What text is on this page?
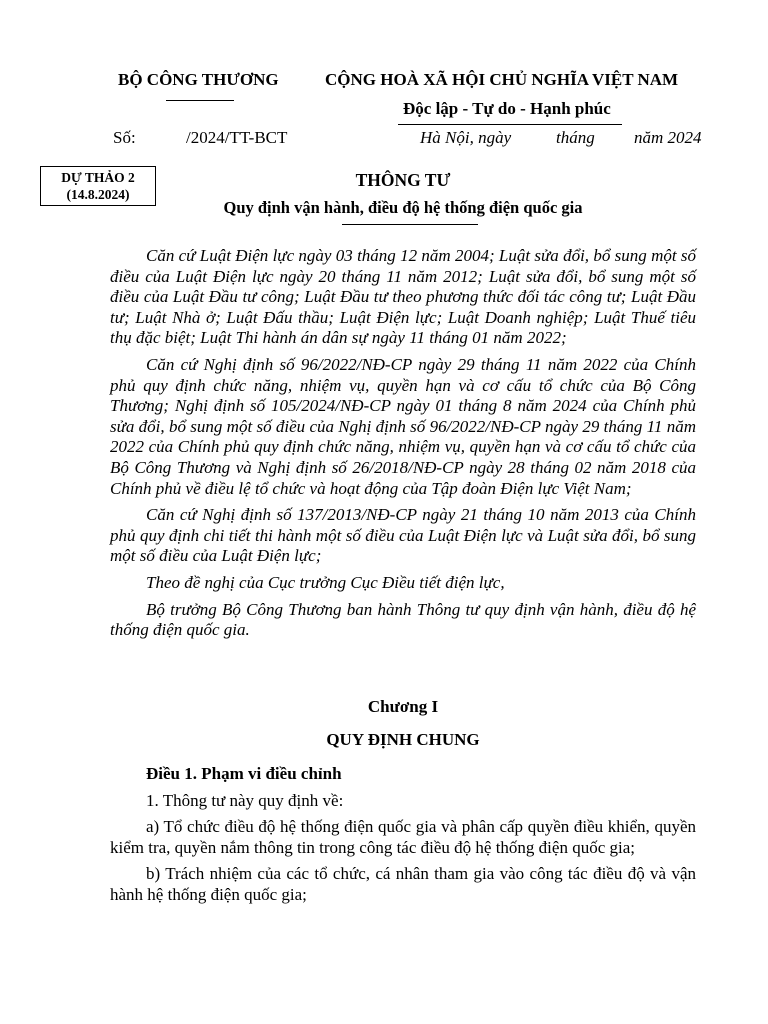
BỘ CÔNG THƯƠNG	CỘNG HOÀ XÃ HỘI CHỦ NGHĨA VIỆT NAM
Độc lập - Tự do - Hạnh phúc
Số:	/2024/TT-BCT	Hà Nội, ngày	tháng năm 2024
DỰ THẢO 2
(14.8.2024)
THÔNG TƯ
Quy định vận hành, điều độ hệ thống điện quốc gia

Căn cứ Luật Điện lực ngày 03 tháng 12 năm 2004; Luật sửa đổi, bổ sung một số điều của Luật Điện lực ngày 20 tháng 11 năm 2012; Luật sửa đổi, bổ sung một số điều của Luật Đầu tư công; Luật Đầu tư theo phương thức đối tác công tư; Luật Đầu tư; Luật Nhà ở; Luật Đấu thầu; Luật Điện lực; Luật Doanh nghiệp; Luật Thuế tiêu thụ đặc biệt; Luật Thi hành án dân sự ngày 11 tháng 01 năm 2022;

Căn cứ Nghị định số 96/2022/NĐ-CP ngày 29 tháng 11 năm 2022 của Chính phủ quy định chức năng, nhiệm vụ, quyền hạn và cơ cấu tổ chức của Bộ Công Thương; Nghị định số 105/2024/NĐ-CP ngày 01 tháng 8 năm 2024 của Chính phủ sửa đổi, bổ sung một số điều của Nghị định số 96/2022/NĐ-CP ngày 29 tháng 11 năm 2022 của Chính phủ quy định chức năng, nhiệm vụ, quyền hạn và cơ cấu tổ chức của Bộ Công Thương và Nghị định số 26/2018/NĐ-CP ngày 28 tháng 02 năm 2018 của Chính phủ về điều lệ tổ chức và hoạt động của Tập đoàn Điện lực Việt Nam;

Căn cứ Nghị định số 137/2013/NĐ-CP ngày 21 tháng 10 năm 2013 của Chính phủ quy định chi tiết thi hành một số điều của Luật Điện lực và Luật sửa đổi, bổ sung một số điều của Luật Điện lực;

Theo đề nghị của Cục trưởng Cục Điều tiết điện lực,

Bộ trưởng Bộ Công Thương ban hành Thông tư quy định vận hành, điều độ hệ thống điện quốc gia.

Chương I
QUY ĐỊNH CHUNG

Điều 1. Phạm vi điều chỉnh

1. Thông tư này quy định về:

a) Tổ chức điều độ hệ thống điện quốc gia và phân cấp quyền điều khiển, quyền kiểm tra, quyền nắm thông tin trong công tác điều độ hệ thống điện quốc gia;

b) Trách nhiệm của các tổ chức, cá nhân tham gia vào công tác điều độ và vận hành hệ thống điện quốc gia;
